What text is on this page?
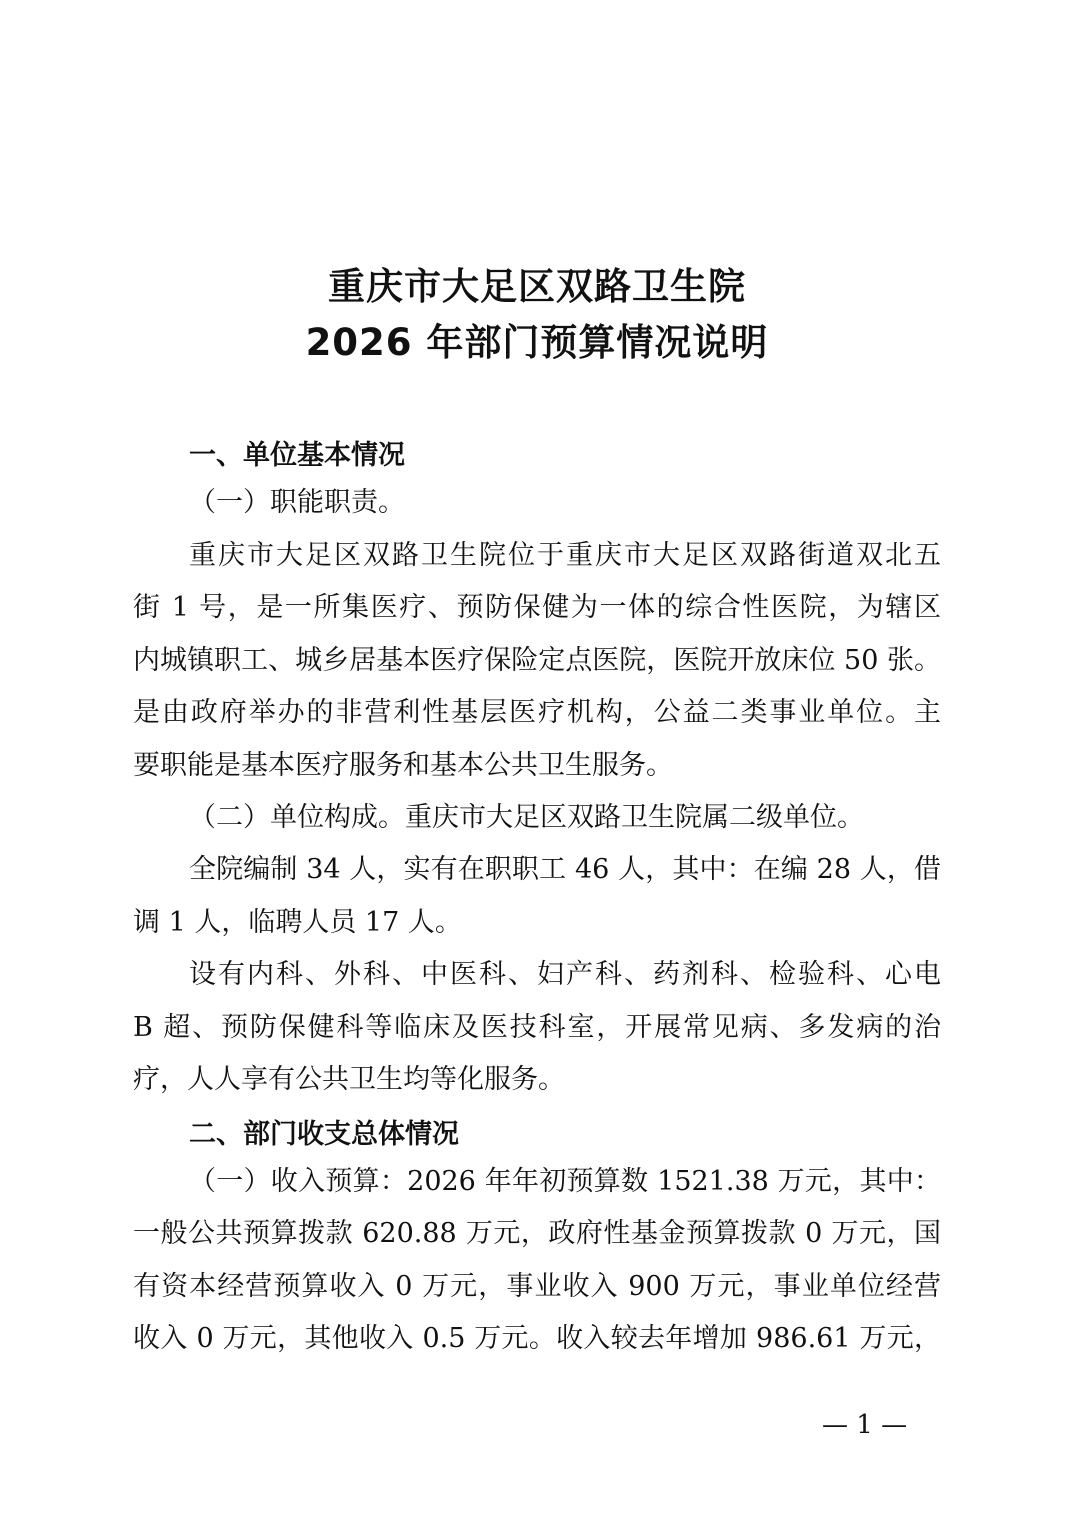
重庆市大足区双路卫生院
2026 年部门预算情况说明
一、单位基本情况
（一）职能职责。
重庆市大足区双路卫生院位于重庆市大足区双路街道双北五
街 1 号，是一所集医疗、预防保健为一体的综合性医院，为辖区
内城镇职工、城乡居基本医疗保险定点医院，医院开放床位 50 张。
是由政府举办的非营利性基层医疗机构，公益二类事业单位。主
要职能是基本医疗服务和基本公共卫生服务。
（二）单位构成。重庆市大足区双路卫生院属二级单位。
全院编制 34 人，实有在职职工 46 人，其中：在编 28 人，借
调 1 人，临聘人员 17 人。
设有内科、外科、中医科、妇产科、药剂科、检验科、心电
B 超、预防保健科等临床及医技科室，开展常见病、多发病的治
疗，人人享有公共卫生均等化服务。
二、部门收支总体情况
（一）收入预算：2026 年年初预算数 1521.38 万元，其中：
一般公共预算拨款 620.88 万元，政府性基金预算拨款 0 万元，国
有资本经营预算收入 0 万元，事业收入 900 万元，事业单位经营
收入 0 万元，其他收入 0.5 万元。收入较去年增加 986.61 万元，
— 1 —
